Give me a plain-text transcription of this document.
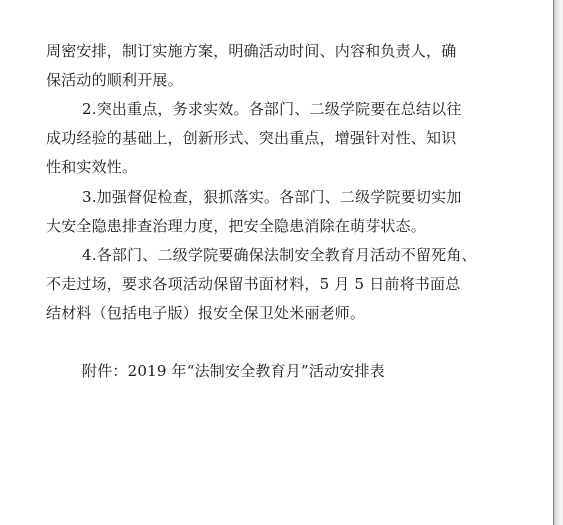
周密安排，制订实施方案，明确活动时间、内容和负责人，确
保活动的顺利开展。
2.突出重点，务求实效。各部门、二级学院要在总结以往
成功经验的基础上，创新形式、突出重点，增强针对性、知识
性和实效性。
3.加强督促检查，狠抓落实。各部门、二级学院要切实加
大安全隐患排查治理力度，把安全隐患消除在萌芽状态。
4.各部门、二级学院要确保法制安全教育月活动不留死角、
不走过场，要求各项活动保留书面材料，5 月 5 日前将书面总
结材料（包括电子版）报安全保卫处米丽老师。
附件：2019 年“法制安全教育月”活动安排表
